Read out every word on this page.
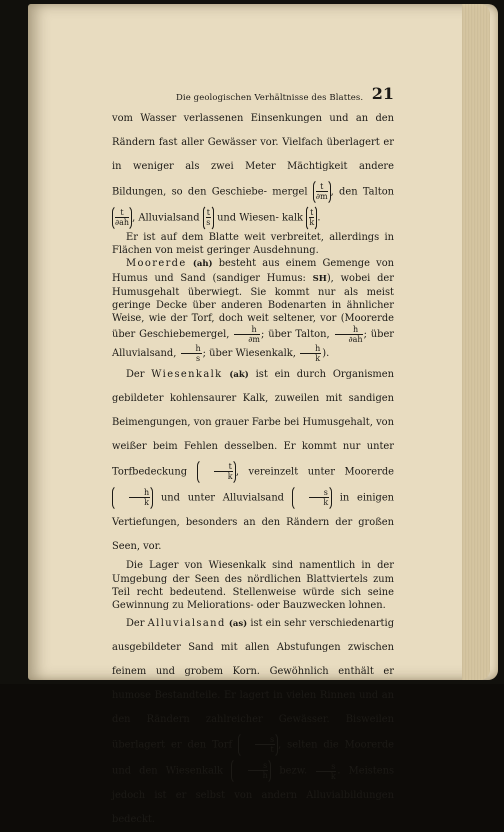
Die geologischen Verhältnisse des Blattes. 21

vom Wasser verlassenen Einsenkungen und an den Rändern fast aller Gewässer vor. Vielfach überlagert er in weniger als zwei Meter Mächtigkeit andere Bildungen, so den Geschiebe- mergel $\frac{t}{\partial m}$ , den Talton
$\frac{t}{\partial ah}$ , Alluvialsand $\frac{t}{s}$ und Wiesen- kalk $\frac{t}{k}$ .

Er ist auf dem Blatte weit verbreitet, allerdings in Flächen von meist geringer Ausdehnung.

Moorerde (ah) besteht aus einem Gemenge von Humus und Sand (sandiger Humus: SH), wobei der Humusgehalt überwiegt. Sie kommt nur als meist geringe Decke über anderen Bodenarten in ähnlicher Weise, wie der Torf, doch weit seltener, vor (Moorerde über Geschiebemergel, $\frac{h}{\partial m}$ ; über Talton, $\frac{h}{\partial ah}$ ; über Alluvialsand, $\frac{h}{s}$ ; über Wiesenkalk, $\frac{h}{k}$ ).

Der Wiesenkalk (ak) ist ein durch Organismen gebildeter kohlensaurer Kalk, zuweilen mit sandigen Beimengungen, von grauer Farbe bei Humusgehalt, von weißer beim Fehlen desselben. Er kommt nur unter Torfbedeckung	$\frac{t}{k}$ , vereinzelt unter Moorerde
$\frac{h}{k}$ und unter Alluvialsand	$\frac{s}{k}$ in einigen Vertiefungen, besonders an den Rändern der großen Seen, vor.

Die Lager von Wiesenkalk sind namentlich in der Umgebung der Seen des nördlichen Blattviertels zum Teil recht bedeutend. Stellenweise würde sich seine Gewinnung zu Meliorations- oder Bauzwecken lohnen.

Der Alluvialsand (as) ist ein sehr verschiedenartig ausgebildeter Sand mit allen Abstufungen zwischen feinem und grobem Korn. Gewöhnlich enthält er humose Bestandteile. Er lagert in vielen Rinnen und an den Rändern zahlreicher Gewässer. Bisweilen überlagert er den Torf	$\frac{s}{t}$ , selten die Moorerde und den Wiesenkalk	$\frac{s}{h}$ bezw. $\frac{s}{k}$ . Meistens jedoch ist er selbst von andern Alluvialbildungen bedeckt.
